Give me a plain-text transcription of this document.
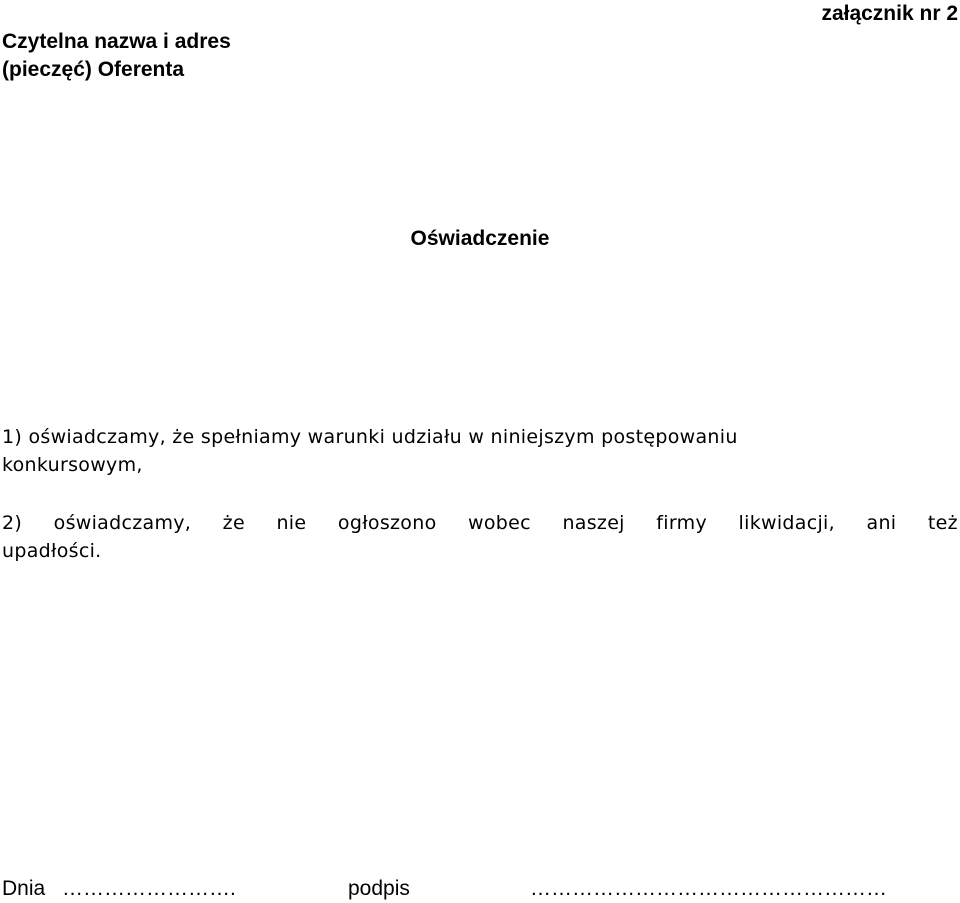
Czytelna nazwa i adres
(pieczęć) Oferenta
załącznik nr 2
Oświadczenie
1) oświadczamy, że spełniamy warunki udziału w niniejszym postępowaniu
konkursowym,
2) oświadczamy, że nie ogłoszono wobec naszej firmy likwidacji, ani też
upadłości.
Dnia …………………….	podpis	……………………………………………
